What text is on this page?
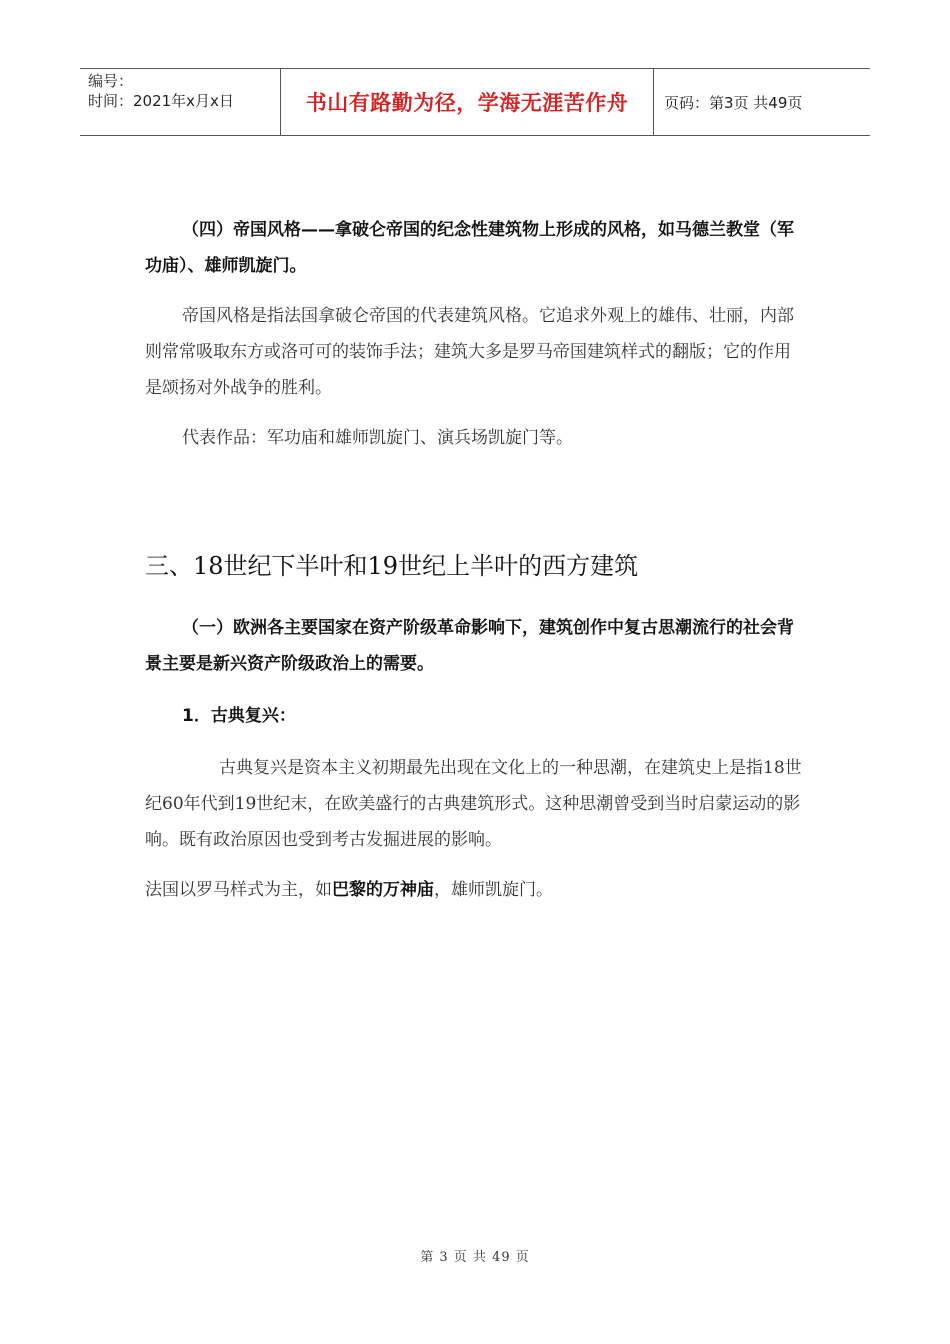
编号：
时间：2021年x月x日	书山有路勤为径，学海无涯苦作舟	页码：第3页 共49页

（四）帝国风格——拿破仑帝国的纪念性建筑物上形成的风格，如马德兰教堂（军功庙）、雄师凯旋门。

帝国风格是指法国拿破仑帝国的代表建筑风格。它追求外观上的雄伟、壮丽，内部则常常吸取东方或洛可可的装饰手法；建筑大多是罗马帝国建筑样式的翻版；它的作用是颂扬对外战争的胜利。

代表作品：军功庙和雄师凯旋门、演兵场凯旋门等。

三、18世纪下半叶和19世纪上半叶的西方建筑

（一）欧洲各主要国家在资产阶级革命影响下，建筑创作中复古思潮流行的社会背景主要是新兴资产阶级政治上的需要。

1．古典复兴：

古典复兴是资本主义初期最先出现在文化上的一种思潮，在建筑史上是指18世纪60年代到19世纪末，在欧美盛行的古典建筑形式。这种思潮曾受到当时启蒙运动的影响。既有政治原因也受到考古发掘进展的影响。

法国以罗马样式为主，如巴黎的万神庙，雄师凯旋门。

第 3 页 共 49 页
